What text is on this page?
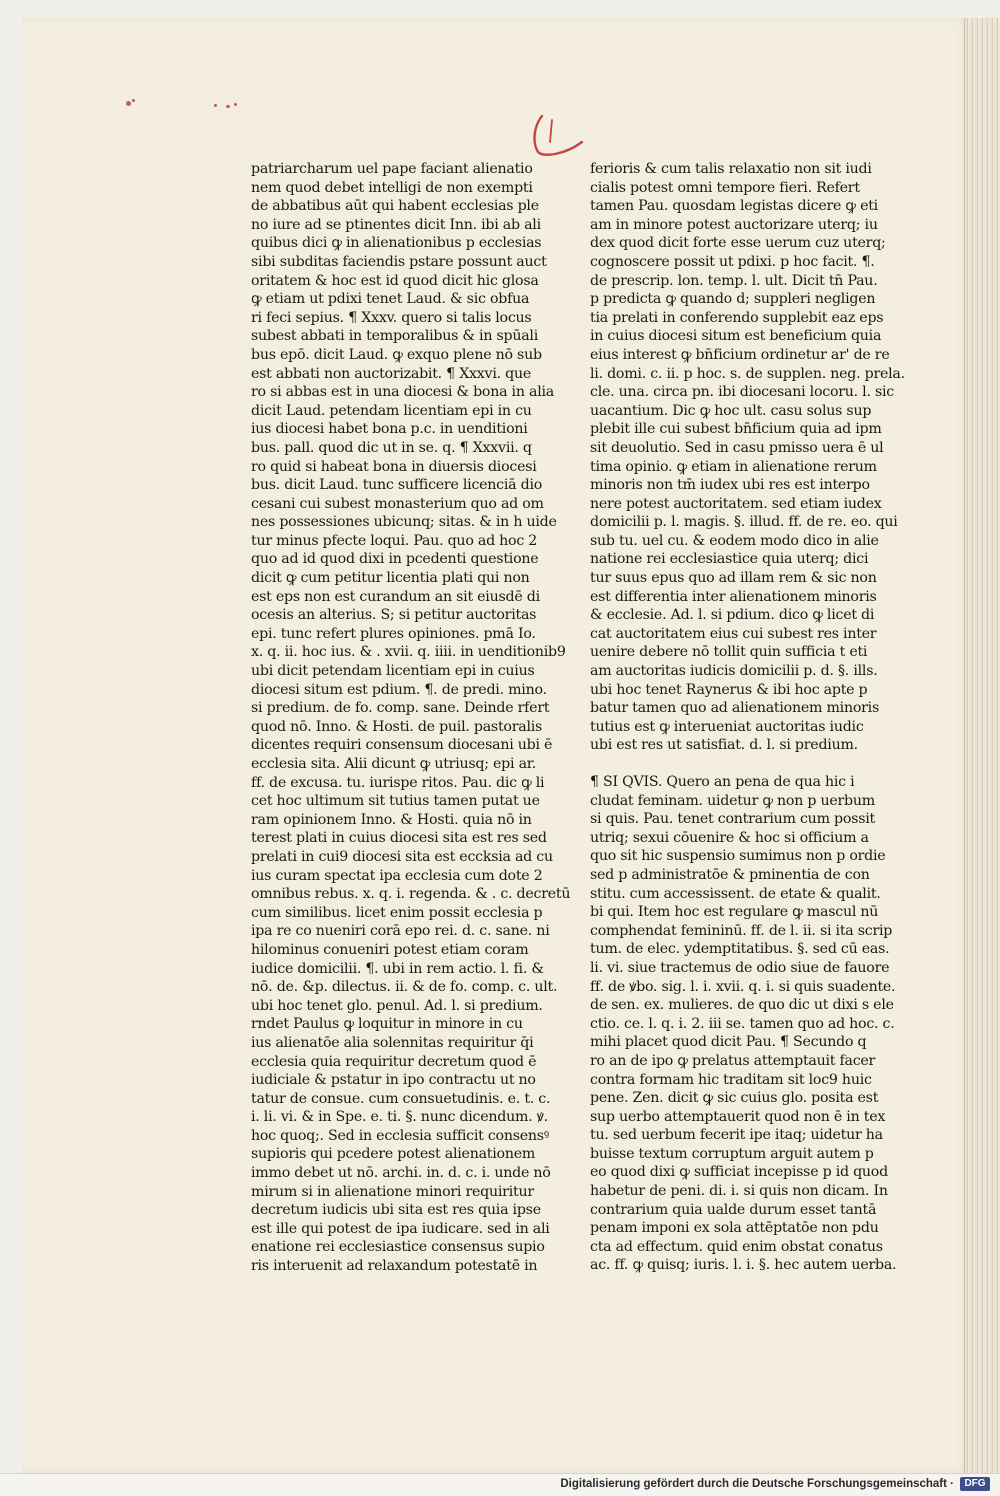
patriarcharum uel pape faciant alienatio
nem quod debet intelligi de non exempti
de abbatibus aūt qui habent ecclesias ple
no iure ad se ptinentes dicit Inn. ibi ab ali
quibus dici ꝙ in alienationibus p ecclesias
sibi subditas faciendis pstare possunt auct
oritatem & hoc est id quod dicit hic glosa
ꝙ etiam ut pdixi tenet Laud. & sic obfua
ri feci sepius. ¶ Xxxv. quero si talis locus
subest abbati in temporalibus & in spūali
bus epō. dicit Laud. ꝙ exquo plene nō sub
est abbati non auctorizabit. ¶ Xxxvi. que
ro si abbas est in una diocesi & bona in alia
dicit Laud. petendam licentiam epi in cu
ius diocesi habet bona p.c. in uenditioni
bus. pall. quod dic ut in se. q. ¶ Xxxvii. q
ro quid si habeat bona in diuersis diocesi
bus. dicit Laud. tunc sufficere licenciā dio
cesani cui subest monasterium quo ad om
nes possessiones ubicunq; sitas. & in h uide
tur minus pfecte loqui. Pau. quo ad hoc 2
quo ad id quod dixi in pcedenti questione
dicit ꝙ cum petitur licentia plati qui non
est eps non est curandum an sit eiusdē di
ocesis an alterius. S; si petitur auctoritas
epi. tunc refert plures opiniones. pmā Io.
x. q. ii. hoc ius. & . xvii. q. iiii. in uenditionib9
ubi dicit petendam licentiam epi in cuius
diocesi situm est pdium. ¶. de predi. mino.
si predium. de fo. comp. sane. Deinde rfert
quod nō. Inno. & Hosti. de puil. pastoralis
dicentes requiri consensum diocesani ubi ē
ecclesia sita. Alii dicunt ꝙ utriusq; epi ar.
ff. de excusa. tu. iurispe ritos. Pau. dic ꝙ li
cet hoc ultimum sit tutius tamen putat ue
ram opinionem Inno. & Hosti. quia nō in
terest plati in cuius diocesi sita est res sed
prelati in cui9 diocesi sita est eccksia ad cu
ius curam spectat ipa ecclesia cum dote 2
omnibus rebus. x. q. i. regenda. & . c. decretū
cum similibus. licet enim possit ecclesia p
ipa re co nueniri corā epo rei. d. c. sane. ni
hilominus conueniri potest etiam coram
iudice domicilii. ¶. ubi in rem actio. l. fi. &
nō. de. &p. dilectus. ii. & de fo. comp. c. ult.
ubi hoc tenet glo. penul. Ad. l. si predium.
rndet Paulus ꝙ loquitur in minore in cu
ius alienatōe alia solennitas requiritur q̄i
ecclesia quia requiritur decretum quod ē
iudiciale & pstatur in ipo contractu ut no
tatur de consue. cum consuetudinis. e. t. c.
i. li. vi. & in Spe. e. ti. §. nunc dicendum. ꝟ.
hoc quoq;. Sed in ecclesia sufficit consensꝰ
supioris qui pcedere potest alienationem
immo debet ut nō. archi. in. d. c. i. unde nō
mirum si in alienatione minori requiritur
decretum iudicis ubi sita est res quia ipse
est ille qui potest de ipa iudicare. sed in ali
enatione rei ecclesiastice consensus supio
ris interuenit ad relaxandum potestatē in
ferioris & cum talis relaxatio non sit iudi
cialis potest omni tempore fieri. Refert
tamen Pau. quosdam legistas dicere ꝙ eti
am in minore potest auctorizare uterq; iu
dex quod dicit forte esse uerum cuz uterq;
cognoscere possit ut pdixi. p hoc facit. ¶.
de prescrip. lon. temp. l. ult. Dicit tn̄ Pau.
p predicta ꝙ quando d; suppleri negligen
tia prelati in conferendo supplebit eaz eps
in cuius diocesi situm est beneficium quia
eius interest ꝙ bn̄ficium ordinetur ar' de re
li. domi. c. ii. p hoc. s. de supplen. neg. prela.
cle. una. circa pn. ibi diocesani locoru. l. sic
uacantium. Dic ꝙ hoc ult. casu solus sup
plebit ille cui subest bn̄ficium quia ad ipm
sit deuolutio. Sed in casu pmisso uera ē ul
tima opinio. ꝙ etiam in alienatione rerum
minoris non tm̄ iudex ubi res est interpo
nere potest auctoritatem. sed etiam iudex
domicilii p. l. magis. §. illud. ff. de re. eo. qui
sub tu. uel cu. & eodem modo dico in alie
natione rei ecclesiastice quia uterq; dici
tur suus epus quo ad illam rem & sic non
est differentia inter alienationem minoris
& ecclesie. Ad. l. si pdium. dico ꝙ licet di
cat auctoritatem eius cui subest res inter
uenire debere nō tollit quin sufficia t eti
am auctoritas iudicis domicilii p. d. §. ills.
ubi hoc tenet Raynerus & ibi hoc apte p
batur tamen quo ad alienationem minoris
tutius est ꝙ interueniat auctoritas iudic
ubi est res ut satisfiat. d. l. si predium.
¶ SI QVIS. Quero an pena de qua hic i
cludat feminam. uidetur ꝙ non p uerbum
si quis. Pau. tenet contrarium cum possit
utriq; sexui cōuenire & hoc si officium a
quo sit hic suspensio sumimus non p ordie
sed p administratōe & pminentia de con
stitu. cum accessissent. de etate & qualit.
bi qui. Item hoc est regulare ꝙ mascul nū
comphendat femininū. ff. de l. ii. si ita scrip
tum. de elec. ydemptitatibus. §. sed cū eas.
li. vi. siue tractemus de odio siue de fauore
ff. de ꝟbo. sig. l. i. xvii. q. i. si quis suadente.
de sen. ex. mulieres. de quo dic ut dixi s ele
ctio. ce. l. q. i. 2. iii se. tamen quo ad hoc. c.
mihi placet quod dicit Pau. ¶ Secundo q
ro an de ipo ꝙ prelatus attemptauit facer
contra formam hic traditam sit loc9 huic
pene. Zen. dicit ꝙ sic cuius glo. posita est
sup uerbo attemptauerit quod non ē in tex
tu. sed uerbum fecerit ipe itaq; uidetur ha
buisse textum corruptum arguit autem p
eo quod dixi ꝙ sufficiat incepisse p id quod
habetur de peni. di. i. si quis non dicam. In
contrarium quia ualde durum esset tantā
penam imponi ex sola attēptatōe non pdu
cta ad effectum. quid enim obstat conatus
ac. ff. ꝙ quisq; iuris. l. i. §. hec autem uerba.
Digitalisierung gefördert durch die Deutsche Forschungsgemeinschaft ·	DFG
